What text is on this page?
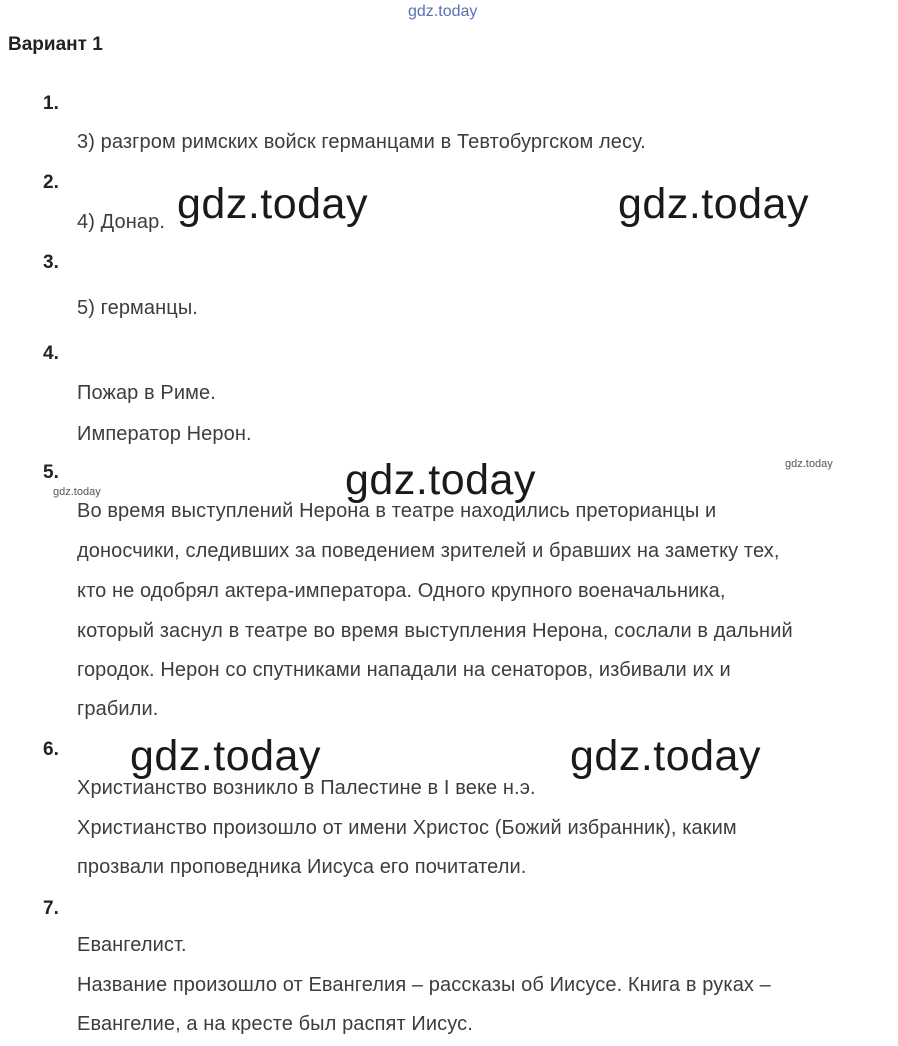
gdz.today
Вариант 1
1.
3) разгром римских войск германцами в Тевтобургском лесу.
2.
4) Донар.
3.
5) германцы.
4.
Пожар в Риме.
Император Нерон.
5.
Во время выступлений Нерона в театре находились преторианцы и
доносчики, следивших за поведением зрителей и бравших на заметку тех,
кто не одобрял актера-императора. Одного крупного военачальника,
который заснул в театре во время выступления Нерона, сослали в дальний
городок. Нерон со спутниками нападали на сенаторов, избивали их и
грабили.
6.
Христианство возникло в Палестине в I веке н.э.
Христианство произошло от имени Христос (Божий избранник), каким
прозвали проповедника Иисуса его почитатели.
7.
Евангелист.
Название произошло от Евангелия – рассказы об Иисусе. Книга в руках –
Евангелие, а на кресте был распят Иисус.
gdz.today	gdz.today
gdz.today
gdz.today	gdz.today
gdz.today
gdz.today
